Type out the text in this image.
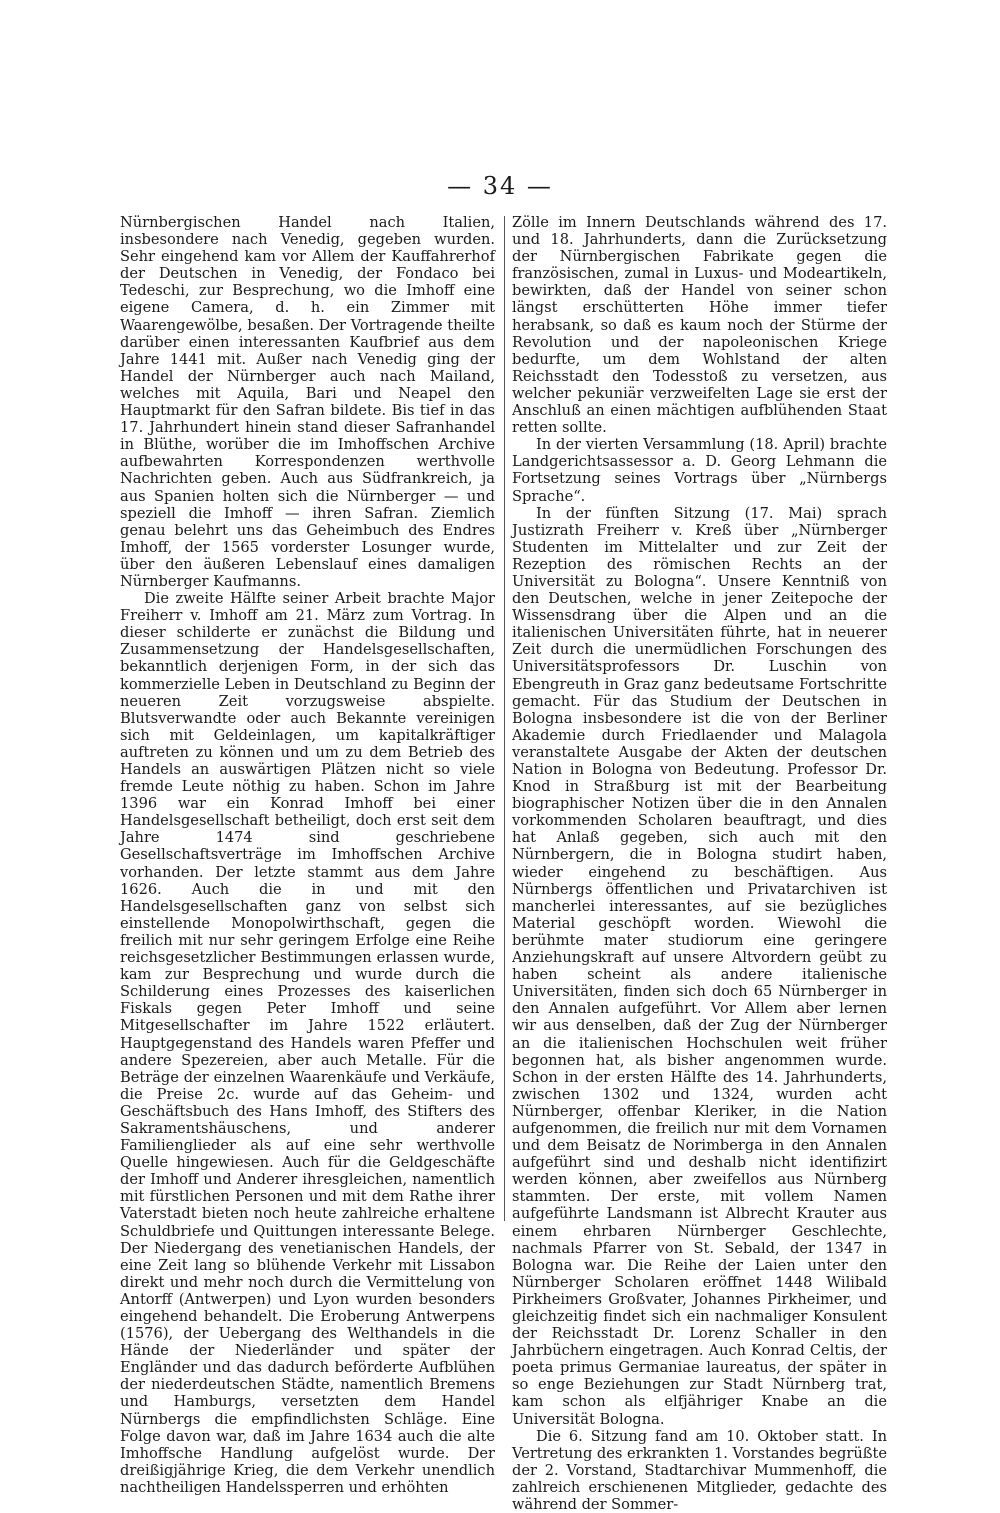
— 34 —

Nürnbergischen Handel nach Italien, insbesondere nach Venedig, gegeben wurden. Sehr eingehend kam vor Allem der Kauffahrerhof der Deutschen in Venedig, der Fondaco bei Tedeschi, zur Besprechung, wo die Imhoff eine eigene Camera, d. h. ein Zimmer mit Waarengewölbe, besaßen. Der Vortragende theilte darüber einen interessanten Kaufbrief aus dem Jahre 1441 mit. Außer nach Venedig ging der Handel der Nürnberger auch nach Mailand, welches mit Aquila, Bari und Neapel den Hauptmarkt für den Safran bildete. Bis tief in das 17. Jahrhundert hinein stand dieser Safranhandel in Blüthe, worüber die im Imhoffschen Archive aufbewahrten Korrespondenzen werthvolle Nachrichten geben. Auch aus Südfrankreich, ja aus Spanien holten sich die Nürnberger — und speziell die Imhoff — ihren Safran. Ziemlich genau belehrt uns das Geheimbuch des Endres Imhoff, der 1565 vorderster Losunger wurde, über den äußeren Lebenslauf eines damaligen Nürnberger Kaufmanns.

Die zweite Hälfte seiner Arbeit brachte Major Freiherr v. Imhoff am 21. März zum Vortrag. In dieser schilderte er zunächst die Bildung und Zusammensetzung der Handelsgesellschaften, bekanntlich derjenigen Form, in der sich das kommerzielle Leben in Deutschland zu Beginn der neueren Zeit vorzugsweise abspielte. Blutsverwandte oder auch Bekannte vereinigen sich mit Geldeinlagen, um kapitalkräftiger auftreten zu können und um zu dem Betrieb des Handels an auswärtigen Plätzen nicht so viele fremde Leute nöthig zu haben. Schon im Jahre 1396 war ein Konrad Imhoff bei einer Handelsgesellschaft betheiligt, doch erst seit dem Jahre 1474 sind geschriebene Gesellschaftsverträge im Imhoffschen Archive vorhanden. Der letzte stammt aus dem Jahre 1626. Auch die in und mit den Handelsgesellschaften ganz von selbst sich einstellende Monopolwirthschaft, gegen die freilich mit nur sehr geringem Erfolge eine Reihe reichsgesetzlicher Bestimmungen erlassen wurde, kam zur Besprechung und wurde durch die Schilderung eines Prozesses des kaiserlichen Fiskals gegen Peter Imhoff und seine Mitgesellschafter im Jahre 1522 erläutert. Hauptgegenstand des Handels waren Pfeffer und andere Spezereien, aber auch Metalle. Für die Beträge der einzelnen Waarenkäufe und Verkäufe, die Preise 2c. wurde auf das Geheim- und Geschäftsbuch des Hans Imhoff, des Stifters des Sakramentshäuschens, und anderer Familienglieder als auf eine sehr werthvolle Quelle hingewiesen. Auch für die Geldgeschäfte der Imhoff und Anderer ihresgleichen, namentlich mit fürstlichen Personen und mit dem Rathe ihrer Vaterstadt bieten noch heute zahlreiche erhaltene Schuldbriefe und Quittungen interessante Belege. Der Niedergang des venetianischen Handels, der eine Zeit lang so blühende Verkehr mit Lissabon direkt und mehr noch durch die Vermittelung von Antorff (Antwerpen) und Lyon wurden besonders eingehend behandelt. Die Eroberung Antwerpens (1576), der Uebergang des Welthandels in die Hände der Niederländer und später der Engländer und das dadurch beförderte Aufblühen der niederdeutschen Städte, namentlich Bremens und Hamburgs, versetzten dem Handel Nürnbergs die empfindlichsten Schläge. Eine Folge davon war, daß im Jahre 1634 auch die alte Imhoffsche Handlung aufgelöst wurde. Der dreißigjährige Krieg, die dem Verkehr unendlich nachtheiligen Handelssperren und erhöhten

Zölle im Innern Deutschlands während des 17. und 18. Jahrhunderts, dann die Zurücksetzung der Nürnbergischen Fabrikate gegen die französischen, zumal in Luxus- und Modeartikeln, bewirkten, daß der Handel von seiner schon längst erschütterten Höhe immer tiefer herabsank, so daß es kaum noch der Stürme der Revolution und der napoleonischen Kriege bedurfte, um dem Wohlstand der alten Reichsstadt den Todesstoß zu versetzen, aus welcher pekuniär verzweifelten Lage sie erst der Anschluß an einen mächtigen aufblühenden Staat retten sollte.

In der vierten Versammlung (18. April) brachte Landgerichtsassessor a. D. Georg Lehmann die Fortsetzung seines Vortrags über „Nürnbergs Sprache“.

In der fünften Sitzung (17. Mai) sprach Justizrath Freiherr v. Kreß über „Nürnberger Studenten im Mittelalter und zur Zeit der Rezeption des römischen Rechts an der Universität zu Bologna“. Unsere Kenntniß von den Deutschen, welche in jener Zeitepoche der Wissensdrang über die Alpen und an die italienischen Universitäten führte, hat in neuerer Zeit durch die unermüdlichen Forschungen des Universitätsprofessors Dr. Luschin von Ebengreuth in Graz ganz bedeutsame Fortschritte gemacht. Für das Studium der Deutschen in Bologna insbesondere ist die von der Berliner Akademie durch Friedlaender und Malagola veranstaltete Ausgabe der Akten der deutschen Nation in Bologna von Bedeutung. Professor Dr. Knod in Straßburg ist mit der Bearbeitung biographischer Notizen über die in den Annalen vorkommenden Scholaren beauftragt, und dies hat Anlaß gegeben, sich auch mit den Nürnbergern, die in Bologna studirt haben, wieder eingehend zu beschäftigen. Aus Nürnbergs öffentlichen und Privatarchiven ist mancherlei interessantes, auf sie bezügliches Material geschöpft worden. Wiewohl die berühmte mater studiorum eine geringere Anziehungskraft auf unsere Altvordern geübt zu haben scheint als andere italienische Universitäten, finden sich doch 65 Nürnberger in den Annalen aufgeführt. Vor Allem aber lernen wir aus denselben, daß der Zug der Nürnberger an die italienischen Hochschulen weit früher begonnen hat, als bisher angenommen wurde. Schon in der ersten Hälfte des 14. Jahrhunderts, zwischen 1302 und 1324, wurden acht Nürnberger, offenbar Kleriker, in die Nation aufgenommen, die freilich nur mit dem Vornamen und dem Beisatz de Norimberga in den Annalen aufgeführt sind und deshalb nicht identifizirt werden können, aber zweifellos aus Nürnberg stammten. Der erste, mit vollem Namen aufgeführte Landsmann ist Albrecht Krauter aus einem ehrbaren Nürnberger Geschlechte, nachmals Pfarrer von St. Sebald, der 1347 in Bologna war. Die Reihe der Laien unter den Nürnberger Scholaren eröffnet 1448 Wilibald Pirkheimers Großvater, Johannes Pirkheimer, und gleichzeitig findet sich ein nachmaliger Konsulent der Reichsstadt Dr. Lorenz Schaller in den Jahrbüchern eingetragen. Auch Konrad Celtis, der poeta primus Germaniae laureatus, der später in so enge Beziehungen zur Stadt Nürnberg trat, kam schon als elfjähriger Knabe an die Universität Bologna.

Die 6. Sitzung fand am 10. Oktober statt. In Vertretung des erkrankten 1. Vorstandes begrüßte der 2. Vorstand, Stadtarchivar Mummenhoff, die zahlreich erschienenen Mitglieder, gedachte des während der Sommer-
